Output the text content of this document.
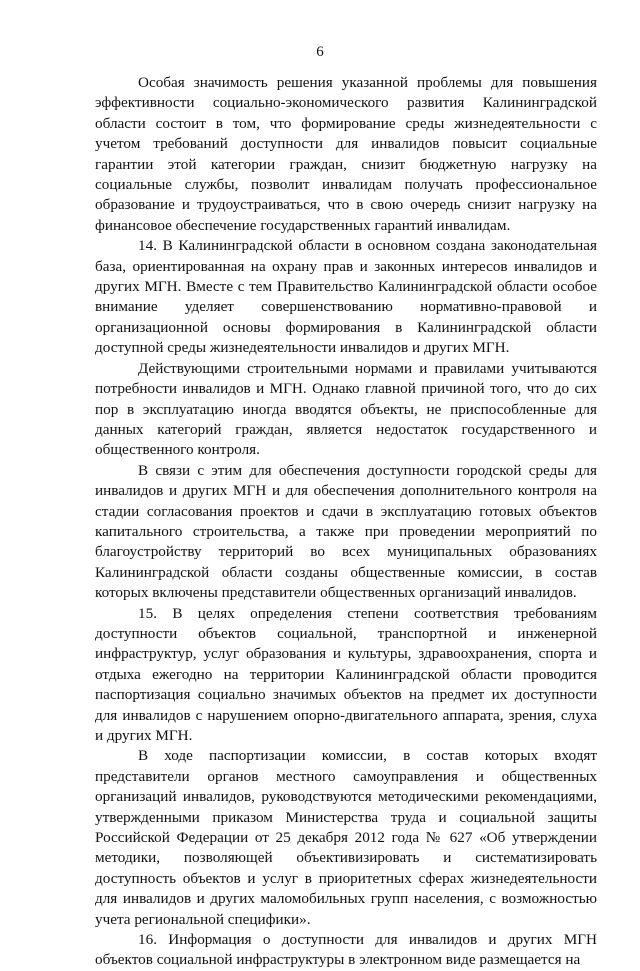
6

Особая значимость решения указанной проблемы для повышения эффективности социально-экономического развития Калининградской области состоит в том, что формирование среды жизнедеятельности с учетом требований доступности для инвалидов повысит социальные гарантии этой категории граждан, снизит бюджетную нагрузку на социальные службы, позволит инвалидам получать профессиональное образование и трудоустраиваться, что в свою очередь снизит нагрузку на финансовое обеспечение государственных гарантий инвалидам.

14. В Калининградской области в основном создана законодательная база, ориентированная на охрану прав и законных интересов инвалидов и других МГН. Вместе с тем Правительство Калининградской области особое внимание уделяет совершенствованию нормативно-правовой и организационной основы формирования в Калининградской области доступной среды жизнедеятельности инвалидов и других МГН.

Действующими строительными нормами и правилами учитываются потребности инвалидов и МГН. Однако главной причиной того, что до сих пор в эксплуатацию иногда вводятся объекты, не приспособленные для данных категорий граждан, является недостаток государственного и общественного контроля.

В связи с этим для обеспечения доступности городской среды для инвалидов и других МГН и для обеспечения дополнительного контроля на стадии согласования проектов и сдачи в эксплуатацию готовых объектов капитального строительства, а также при проведении мероприятий по благоустройству территорий во всех муниципальных образованиях Калининградской области созданы общественные комиссии, в состав которых включены представители общественных организаций инвалидов.

15. В целях определения степени соответствия требованиям доступности объектов социальной, транспортной и инженерной инфраструктур, услуг образования и культуры, здравоохранения, спорта и отдыха ежегодно на территории Калининградской области проводится паспортизация социально значимых объектов на предмет их доступности для инвалидов с нарушением опорно-двигательного аппарата, зрения, слуха и других МГН.

В ходе паспортизации комиссии, в состав которых входят представители органов местного самоуправления и общественных организаций инвалидов, руководствуются методическими рекомендациями, утвержденными приказом Министерства труда и социальной защиты Российской Федерации от 25 декабря 2012 года № 627 «Об утверждении методики, позволяющей объективизировать и систематизировать доступность объектов и услуг в приоритетных сферах жизнедеятельности для инвалидов и других маломобильных групп населения, с возможностью учета региональной специфики».

16. Информация о доступности для инвалидов и других МГН объектов социальной инфраструктуры в электронном виде размещается на
